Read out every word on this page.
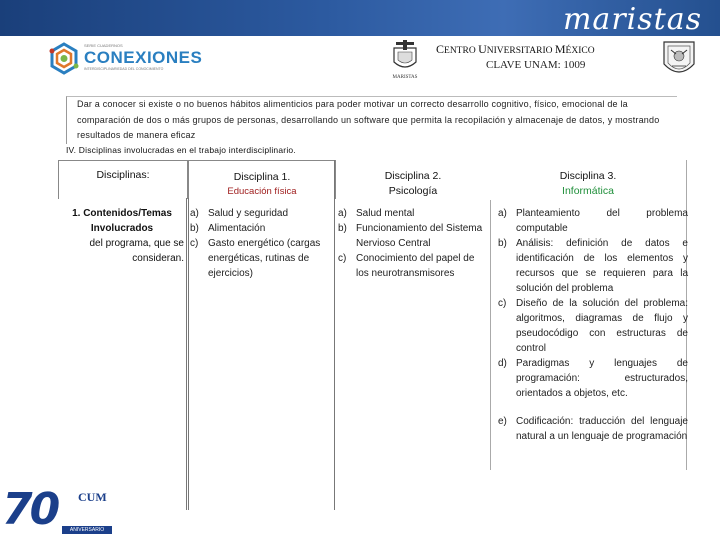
maristas
SERIE CUADERNOS
CONEXIONES
INTERDISCIPLINARIEDAD DEL CONOCIMIENTO
MARISTAS
CENTRO UNIVERSITARIO MÉXICO
CLAVE UNAM: 1009
Dar a conocer si existe o no buenos hábitos alimenticios para poder motivar un correcto desarrollo cognitivo, físico, emocional de la comparación de dos o más grupos de personas, desarrollando un software que permita la recopilación y almacenaje de datos, y mostrando resultados de manera eficaz
IV. Disciplinas involucradas en el trabajo interdisciplinario.
Disciplinas:	Disciplina 1.
Educación física
Disciplina 2.
Psicología
Disciplina 3.
Informática
1. Contenidos/Temas Involucrados
del programa, que se consideran.
a) Salud y seguridad
b) Alimentación
c) Gasto energético (cargas energéticas, rutinas de ejercicios)
a) Salud mental
b) Funcionamiento del Sistema Nervioso Central
c) Conocimiento del papel de los neurotransmisores
a) Planteamiento del problema computable
b) Análisis: definición de datos e identificación de los elementos y recursos que se requieren para la solución del problema
c) Diseño de la solución del problema: algoritmos, diagramas de flujo y pseudocódigo con estructuras de control
d) Paradigmas y lenguajes de programación: estructurados, orientados a objetos, etc.
e) Codificación: traducción del lenguaje natural a un lenguaje de programación
70 CUM
ANIVERSARIO
